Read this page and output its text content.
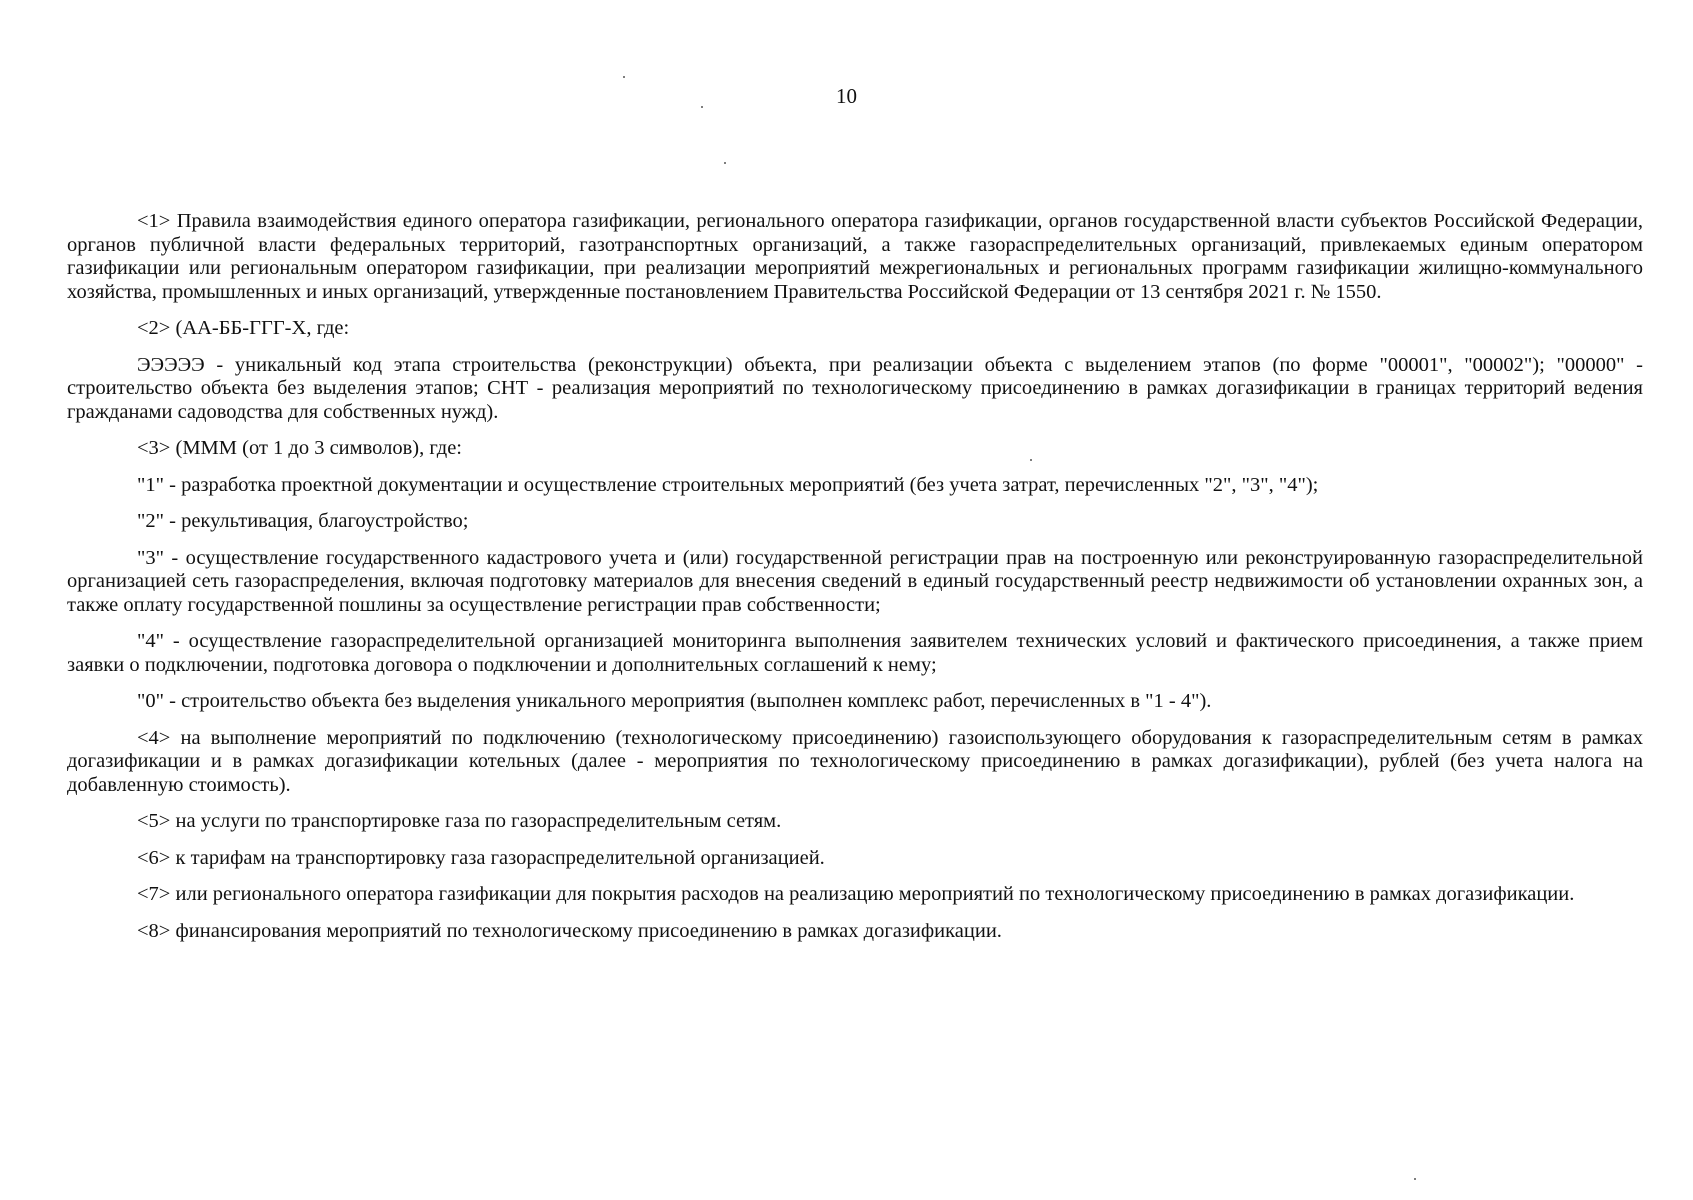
10

<1> Правила взаимодействия единого оператора газификации, регионального оператора газификации, органов государственной власти субъектов Российской Федерации, органов публичной власти федеральных территорий, газотранспортных организаций, а также газораспределительных организаций, привлекаемых единым оператором газификации или региональным оператором газификации, при реализации мероприятий межрегиональных и региональных программ газификации жилищно-коммунального хозяйства, промышленных и иных организаций, утвержденные постановлением Правительства Российской Федерации от 13 сентября 2021 г. № 1550.

<2> (АА-ББ-ГГГ-Х, где:

ЭЭЭЭЭ - уникальный код этапа строительства (реконструкции) объекта, при реализации объекта с выделением этапов (по форме "00001", "00002"); "00000" - строительство объекта без выделения этапов; СНТ - реализация мероприятий по технологическому присоединению в рамках догазификации в границах территорий ведения гражданами садоводства для собственных нужд).

<3> (МММ (от 1 до 3 символов), где:

"1" - разработка проектной документации и осуществление строительных мероприятий (без учета затрат, перечисленных "2", "3", "4");

"2" - рекультивация, благоустройство;

"3" - осуществление государственного кадастрового учета и (или) государственной регистрации прав на построенную или реконструированную газораспределительной организацией сеть газораспределения, включая подготовку материалов для внесения сведений в единый государственный реестр недвижимости об установлении охранных зон, а также оплату государственной пошлины за осуществление регистрации прав собственности;

"4" - осуществление газораспределительной организацией мониторинга выполнения заявителем технических условий и фактического присоединения, а также прием заявки о подключении, подготовка договора о подключении и дополнительных соглашений к нему;

"0" - строительство объекта без выделения уникального мероприятия (выполнен комплекс работ, перечисленных в "1 - 4").

<4> на выполнение мероприятий по подключению (технологическому присоединению) газоиспользующего оборудования к газораспределительным сетям в рамках догазификации и в рамках догазификации котельных (далее - мероприятия по технологическому присоединению в рамках догазификации), рублей (без учета налога на добавленную стоимость).

<5> на услуги по транспортировке газа по газораспределительным сетям.

<6> к тарифам на транспортировку газа газораспределительной организацией.

<7> или регионального оператора газификации для покрытия расходов на реализацию мероприятий по технологическому присоединению в рамках догазификации.

<8> финансирования мероприятий по технологическому присоединению в рамках догазификации.
